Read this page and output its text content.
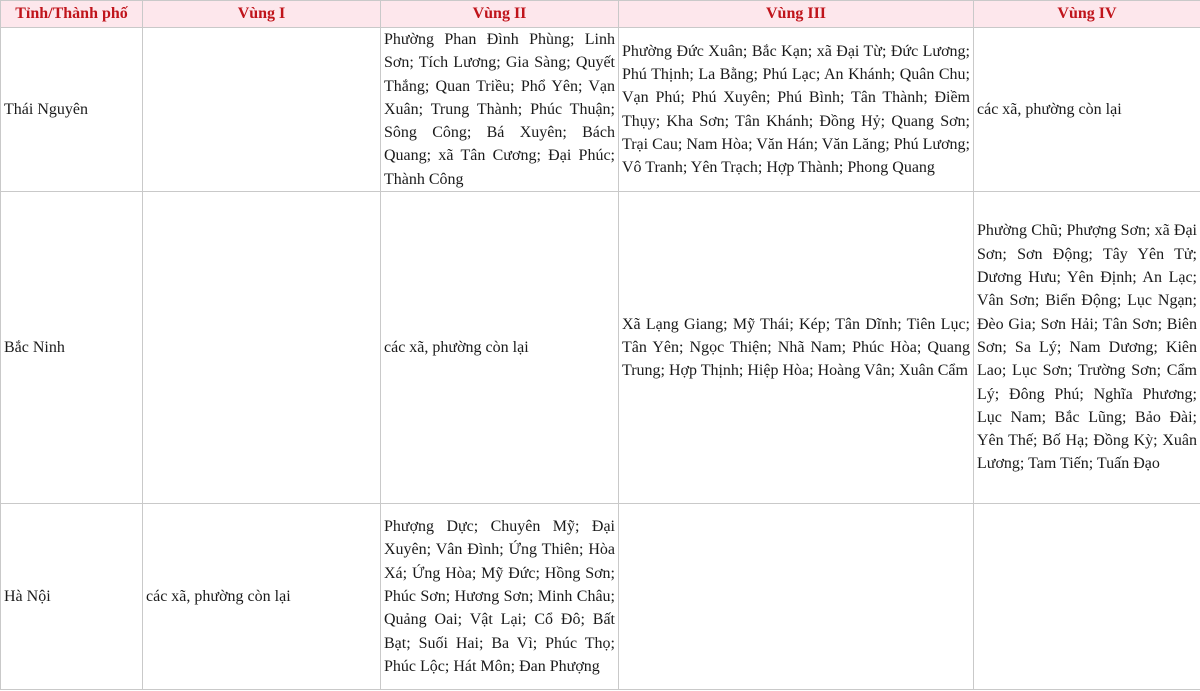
Tỉnh/Thành phố	Vùng I	Vùng II	Vùng III	Vùng IV
Thái Nguyên		Phường Phan Đình Phùng; Linh Sơn; Tích Lương; Gia Sàng; Quyết Thắng; Quan Triều; Phổ Yên; Vạn Xuân; Trung Thành; Phúc Thuận; Sông Công; Bá Xuyên; Bách Quang; xã Tân Cương; Đại Phúc; Thành Công	Phường Đức Xuân; Bắc Kạn; xã Đại Từ; Đức Lương; Phú Thịnh; La Bằng; Phú Lạc; An Khánh; Quân Chu; Vạn Phú; Phú Xuyên; Phú Bình; Tân Thành; Điềm Thụy; Kha Sơn; Tân Khánh; Đồng Hỷ; Quang Sơn; Trại Cau; Nam Hòa; Văn Hán; Văn Lăng; Phú Lương; Vô Tranh; Yên Trạch; Hợp Thành; Phong Quang	các xã, phường còn lại
Bắc Ninh		các xã, phường còn lại	Xã Lạng Giang; Mỹ Thái; Kép; Tân Dĩnh; Tiên Lục; Tân Yên; Ngọc Thiện; Nhã Nam; Phúc Hòa; Quang Trung; Hợp Thịnh; Hiệp Hòa; Hoàng Vân; Xuân Cẩm	Phường Chũ; Phượng Sơn; xã Đại Sơn; Sơn Động; Tây Yên Tử; Dương Hưu; Yên Định; An Lạc; Vân Sơn; Biển Động; Lục Ngạn; Đèo Gia; Sơn Hải; Tân Sơn; Biên Sơn; Sa Lý; Nam Dương; Kiên Lao; Lục Sơn; Trường Sơn; Cẩm Lý; Đông Phú; Nghĩa Phương; Lục Nam; Bắc Lũng; Bảo Đài; Yên Thế; Bố Hạ; Đồng Kỳ; Xuân Lương; Tam Tiến; Tuấn Đạo
Hà Nội	các xã, phường còn lại	Phượng Dực; Chuyên Mỹ; Đại Xuyên; Vân Đình; Ứng Thiên; Hòa Xá; Ứng Hòa; Mỹ Đức; Hồng Sơn; Phúc Sơn; Hương Sơn; Minh Châu; Quảng Oai; Vật Lại; Cổ Đô; Bất Bạt; Suối Hai; Ba Vì; Phúc Thọ; Phúc Lộc; Hát Môn; Đan Phượng		
